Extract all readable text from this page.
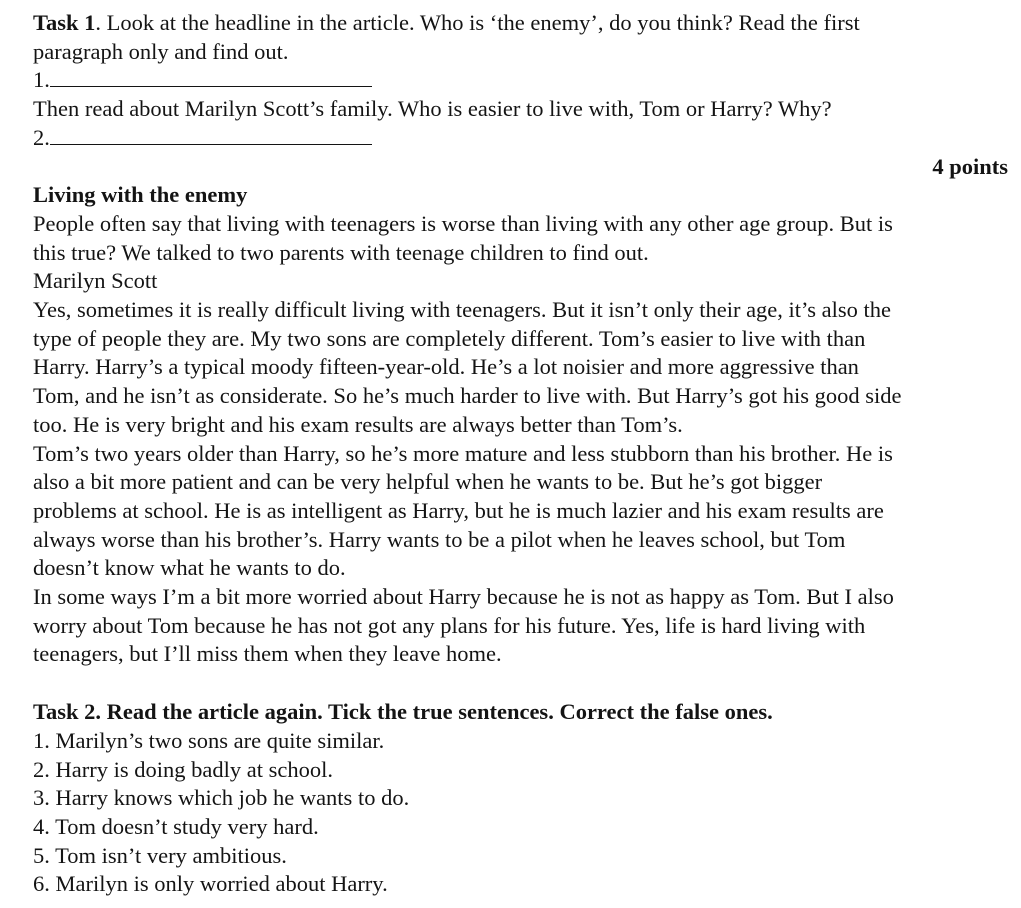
Task 1. Look at the headline in the article. Who is ‘the enemy’, do you think? Read the first
paragraph only and find out.
1.
Then read about Marilyn Scott’s family. Who is easier to live with, Tom or Harry? Why?
2.
4 points
Living with the enemy
People often say that living with teenagers is worse than living with any other age group. But is
this true? We talked to two parents with teenage children to find out.
Marilyn Scott
Yes, sometimes it is really difficult living with teenagers. But it isn’t only their age, it’s also the
type of people they are. My two sons are completely different. Tom’s easier to live with than
Harry. Harry’s a typical moody fifteen-year-old. He’s a lot noisier and more aggressive than
Tom, and he isn’t as considerate. So he’s much harder to live with. But Harry’s got his good side
too. He is very bright and his exam results are always better than Tom’s.
Tom’s two years older than Harry, so he’s more mature and less stubborn than his brother. He is
also a bit more patient and can be very helpful when he wants to be. But he’s got bigger
problems at school. He is as intelligent as Harry, but he is much lazier and his exam results are
always worse than his brother’s. Harry wants to be a pilot when he leaves school, but Tom
doesn’t know what he wants to do.
In some ways I’m a bit more worried about Harry because he is not as happy as Tom. But I also
worry about Tom because he has not got any plans for his future. Yes, life is hard living with
teenagers, but I’ll miss them when they leave home.
Task 2. Read the article again. Tick the true sentences. Correct the false ones.
1. Marilyn’s two sons are quite similar.
2. Harry is doing badly at school.
3. Harry knows which job he wants to do.
4. Tom doesn’t study very hard.
5. Tom isn’t very ambitious.
6. Marilyn is only worried about Harry.
